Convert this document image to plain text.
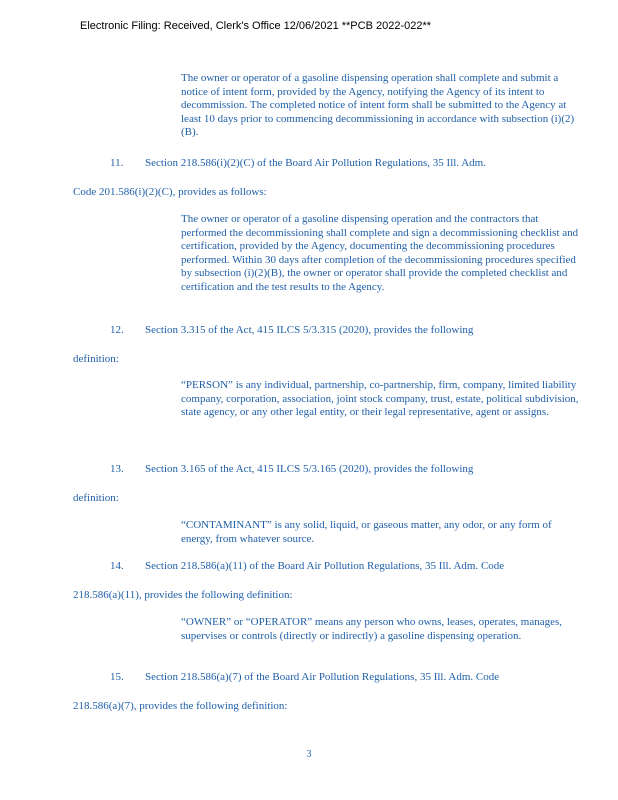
Electronic Filing: Received, Clerk's Office 12/06/2021 **PCB 2022-022**

The owner or operator of a gasoline dispensing operation shall complete and submit a notice of intent form, provided by the Agency, notifying the Agency of its intent to decommission. The completed notice of intent form shall be submitted to the Agency at least 10 days prior to commencing decommissioning in accordance with subsection (i)(2)(B).

11. Section 218.586(i)(2)(C) of the Board Air Pollution Regulations, 35 Ill. Adm.

Code 201.586(i)(2)(C), provides as follows:

The owner or operator of a gasoline dispensing operation and the contractors that performed the decommissioning shall complete and sign a decommissioning checklist and certification, provided by the Agency, documenting the decommissioning procedures performed. Within 30 days after completion of the decommissioning procedures specified by subsection (i)(2)(B), the owner or operator shall provide the completed checklist and certification and the test results to the Agency.

12. Section 3.315 of the Act, 415 ILCS 5/3.315 (2020), provides the following

definition:

“PERSON” is any individual, partnership, co-partnership, firm, company, limited liability company, corporation, association, joint stock company, trust, estate, political subdivision, state agency, or any other legal entity, or their legal representative, agent or assigns.

13. Section 3.165 of the Act, 415 ILCS 5/3.165 (2020), provides the following

definition:

“CONTAMINANT” is any solid, liquid, or gaseous matter, any odor, or any form of energy, from whatever source.

14. Section 218.586(a)(11) of the Board Air Pollution Regulations, 35 Ill. Adm. Code

218.586(a)(11), provides the following definition:

“OWNER” or “OPERATOR” means any person who owns, leases, operates, manages, supervises or controls (directly or indirectly) a gasoline dispensing operation.

15. Section 218.586(a)(7) of the Board Air Pollution Regulations, 35 Ill. Adm. Code

218.586(a)(7), provides the following definition:

3
